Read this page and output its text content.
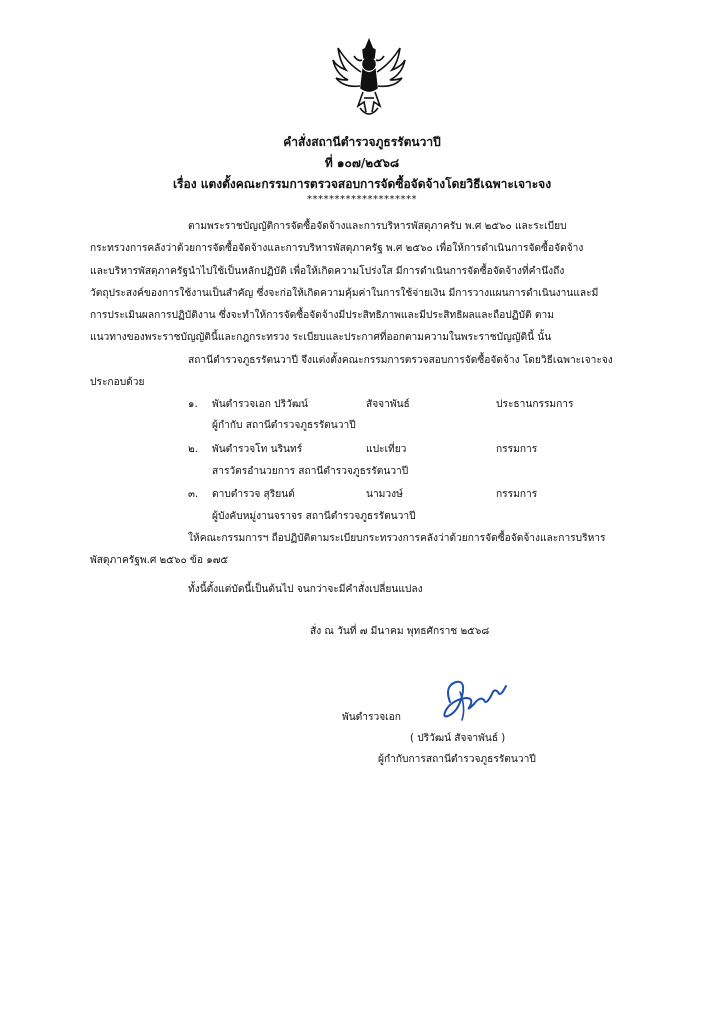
คำสั่งสถานีตำรวจภูธรรัตนวาปี
ที่ ๑๐๗/๒๕๖๘
เรื่อง แตงตั้งคณะกรรมการตรวจสอบการจัดซื้อจัดจ้างโดยวิธีเฉพาะเจาะจง
********************
ตามพระราชบัญญัติการจัดซื้อจัดจ้างและการบริหารพัสดุภาครับ พ.ศ ๒๕๖๐ และระเบียบ
กระทรวงการคลังว่าด้วยการจัดซื้อจัดจ้างและการบริหารพัสดุภาครัฐ พ.ศ ๒๕๖๐ เพื่อให้การดำเนินการจัดซื้อจัดจ้าง
และบริหารพัสดุภาครัฐนำไปใช้เป็นหลักปฏิบัติ เพื่อให้เกิดความโปร่งใส มีการดำเนินการจัดซื้อจัดจ้างที่คำนึงถึง
วัตถุประสงค์ของการใช้งานเป็นสำคัญ ซึ่งจะก่อให้เกิดความคุ้มค่าในการใช้จ่ายเงิน มีการวางแผนการดำเนินงานและมี
การประเมินผลการปฏิบัติงาน ซึ่งจะทำให้การจัดซื้อจัดจ้างมีประสิทธิภาพและมีประสิทธิผลและถือปฏิบัติ ตาม
แนวทางของพระราชบัญญัตินี้และกฎกระทรวง ระเบียบและประกาศที่ออกตามความในพระราชบัญญัตินี้ นั้น
สถานีตำรวจภูธรรัตนวาปี จึงแต่งตั้งคณะกรรมการตรวจสอบการจัดซื้อจัดจ้าง โดยวิธีเฉพาะเจาะจง
ประกอบด้วย
๑. พันตำรวจเอก ปริวัฒน์	สัจจาพันธ์	ประธานกรรมการ
ผู้กำกับ สถานีตำรวจภูธรรัตนวาปี
๒. พันตำรวจโท นรินทร์	แปะเที่ยว	กรรมการ
สารวัตรอำนวยการ สถานีตำรวจภูธรรัตนวาปี
๓. ดาบตำรวจ สุริยนต์	นามวงษ์	กรรมการ
ผู้บังคับหมู่งานจราจร สถานีตำรวจภูธรรัตนวาปี
ให้คณะกรรมการฯ ถือปฏิบัติตามระเบียบกระทรวงการคลังว่าด้วยการจัดซื้อจัดจ้างและการบริหาร
พัสดุภาครัฐพ.ศ ๒๕๖๐ ข้อ ๑๗๕
ทั้งนี้ตั้งแต่บัดนี้เป็นต้นไป จนกว่าจะมีคำสั่งเปลี่ยนแปลง
สั่ง ณ วันที่ ๗ มีนาคม พุทธศักราช ๒๕๖๘
พันตำรวจเอก
( ปริวัฒน์ สัจจาพันธ์ )
ผู้กำกับการสถานีตำรวจภูธรรัตนวาปี
